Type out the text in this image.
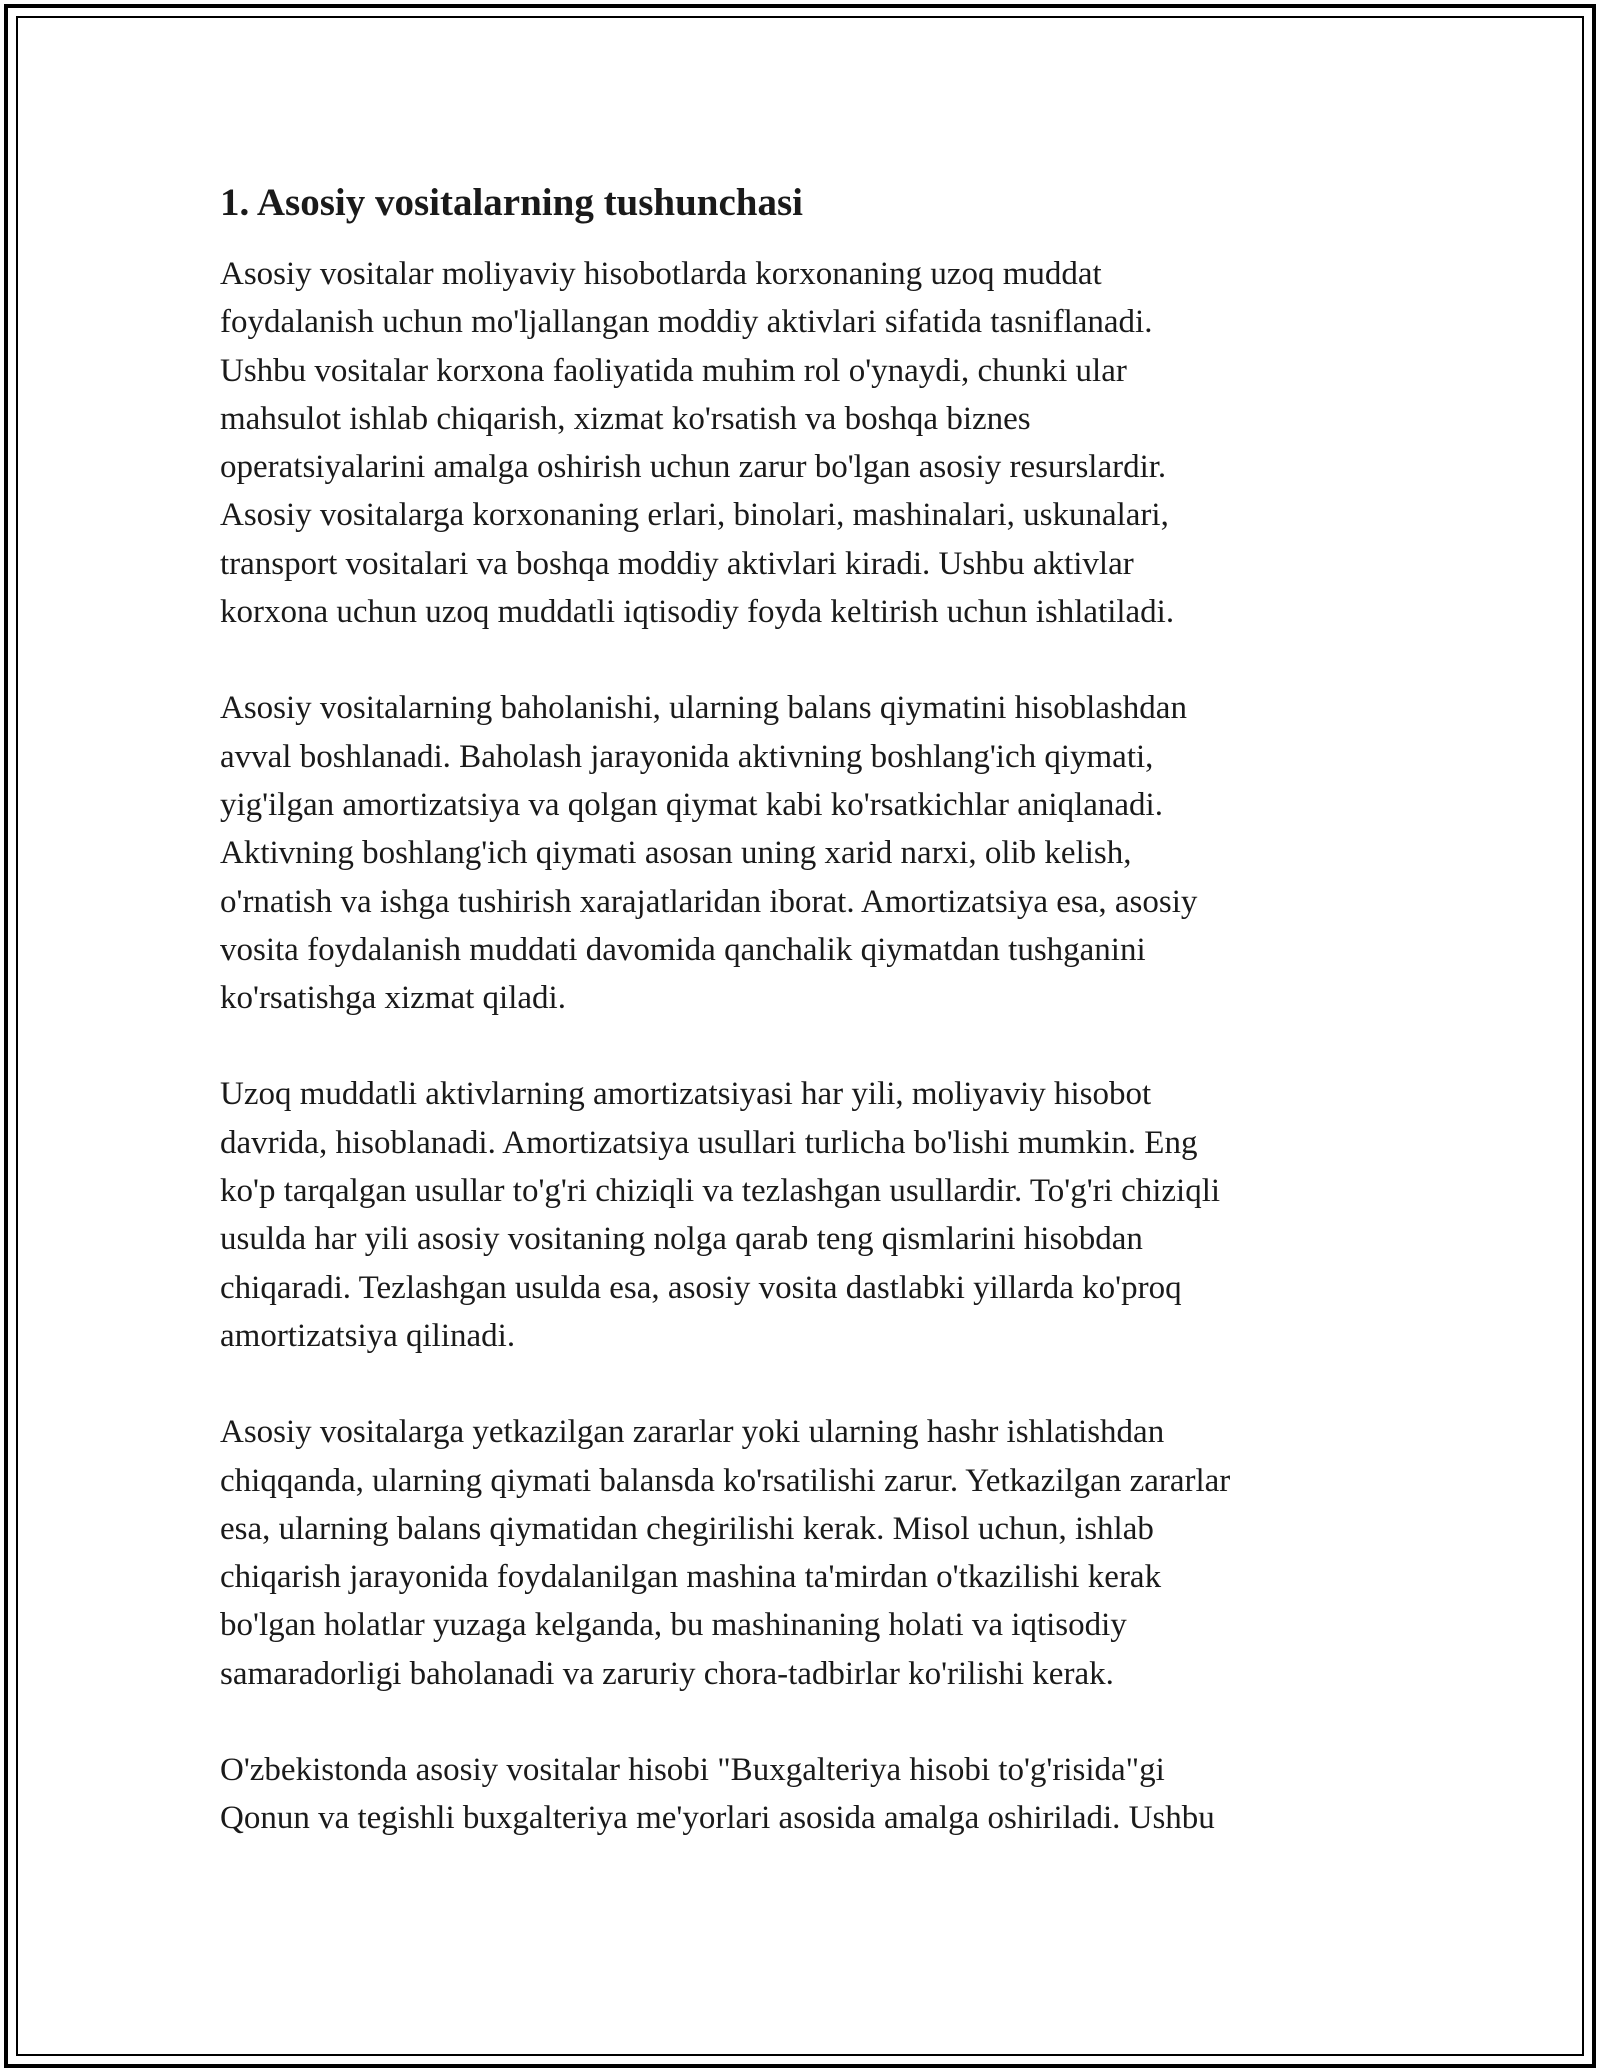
1. Asosiy vositalarning tushunchasi
Asosiy vositalar moliyaviy hisobotlarda korxonaning uzoq muddat
foydalanish uchun mo'ljallangan moddiy aktivlari sifatida tasniflanadi.
Ushbu vositalar korxona faoliyatida muhim rol o'ynaydi, chunki ular
mahsulot ishlab chiqarish, xizmat ko'rsatish va boshqa biznes
operatsiyalarini amalga oshirish uchun zarur bo'lgan asosiy resurslardir.
Asosiy vositalarga korxonaning erlari, binolari, mashinalari, uskunalari,
transport vositalari va boshqa moddiy aktivlari kiradi. Ushbu aktivlar
korxona uchun uzoq muddatli iqtisodiy foyda keltirish uchun ishlatiladi.
Asosiy vositalarning baholanishi, ularning balans qiymatini hisoblashdan
avval boshlanadi. Baholash jarayonida aktivning boshlang'ich qiymati,
yig'ilgan amortizatsiya va qolgan qiymat kabi ko'rsatkichlar aniqlanadi.
Aktivning boshlang'ich qiymati asosan uning xarid narxi, olib kelish,
o'rnatish va ishga tushirish xarajatlaridan iborat. Amortizatsiya esa, asosiy
vosita foydalanish muddati davomida qanchalik qiymatdan tushganini
ko'rsatishga xizmat qiladi.
Uzoq muddatli aktivlarning amortizatsiyasi har yili, moliyaviy hisobot
davrida, hisoblanadi. Amortizatsiya usullari turlicha bo'lishi mumkin. Eng
ko'p tarqalgan usullar to'g'ri chiziqli va tezlashgan usullardir. To'g'ri chiziqli
usulda har yili asosiy vositaning nolga qarab teng qismlarini hisobdan
chiqaradi. Tezlashgan usulda esa, asosiy vosita dastlabki yillarda ko'proq
amortizatsiya qilinadi.
Asosiy vositalarga yetkazilgan zararlar yoki ularning hashr ishlatishdan
chiqqanda, ularning qiymati balansda ko'rsatilishi zarur. Yetkazilgan zararlar
esa, ularning balans qiymatidan chegirilishi kerak. Misol uchun, ishlab
chiqarish jarayonida foydalanilgan mashina ta'mirdan o'tkazilishi kerak
bo'lgan holatlar yuzaga kelganda, bu mashinaning holati va iqtisodiy
samaradorligi baholanadi va zaruriy chora-tadbirlar ko'rilishi kerak.
O'zbekistonda asosiy vositalar hisobi "Buxgalteriya hisobi to'g'risida"gi
Qonun va tegishli buxgalteriya me'yorlari asosida amalga oshiriladi. Ushbu
